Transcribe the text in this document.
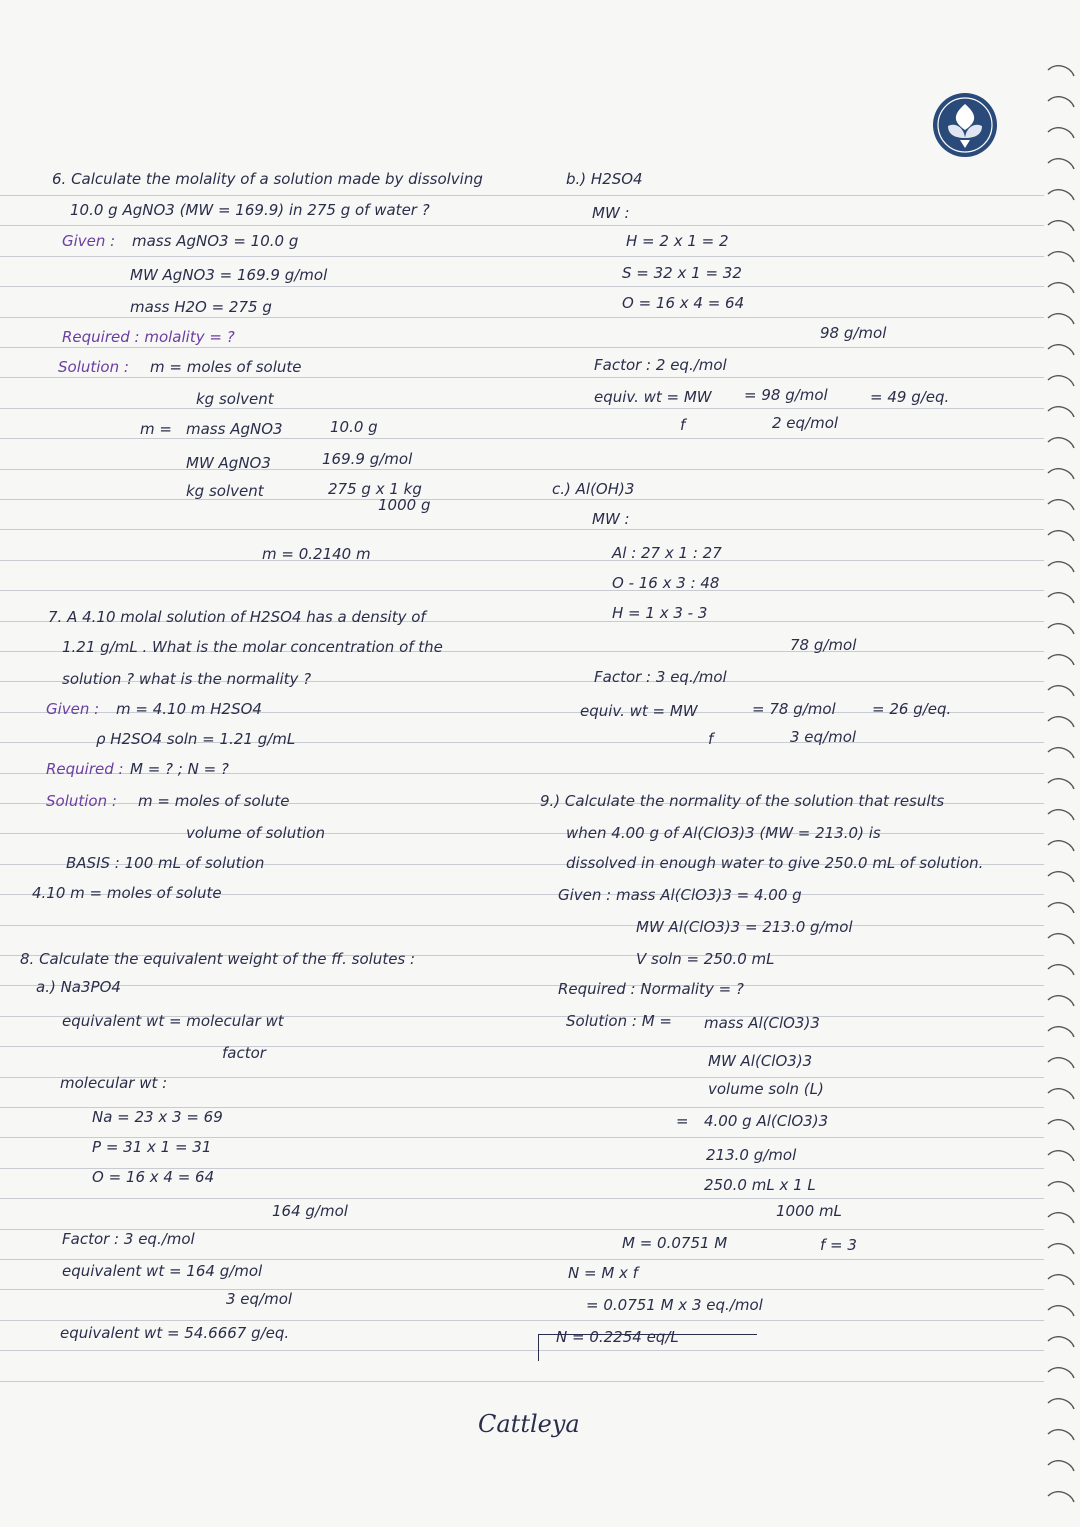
6. Calculate the molality of a solution made by dissolving
10.0 g AgNO3 (MW = 169.9) in 275 g of water ?
Given : mass AgNO3 = 10.0 g
MW AgNO3 = 169.9 g/mol
mass H2O = 275 g
Required : molality = ?
Solution : m = moles of solute
kg solvent
m = mass AgNO3	10.0 g
MW AgNO3	169.9 g/mol
kg solvent	275 g x 1 kg
1000 g
m = 0.2140 m
7. A 4.10 molal solution of H2SO4 has a density of
1.21 g/mL . What is the molar concentration of the
solution ? what is the normality ?
Given : m = 4.10 m H2SO4
ρ H2SO4 soln = 1.21 g/mL
Required : M = ? ; N = ?
Solution : m = moles of solute
volume of solution
BASIS : 100 mL of solution
4.10 m = moles of solute
8. Calculate the equivalent weight of the ff. solutes :
a.) Na3PO4
equivalent wt = molecular wt
factor
molecular wt :
Na = 23 x 3 = 69
P = 31 x 1 = 31
O = 16 x 4 = 64
164 g/mol
Factor : 3 eq./mol
equivalent wt = 164 g/mol
3 eq/mol
equivalent wt = 54.6667 g/eq.
b.) H2SO4
MW :
H = 2 x 1 = 2
S = 32 x 1 = 32
O = 16 x 4 = 64
98 g/mol
Factor : 2 eq./mol
equiv. wt = MW = 98 g/mol	= 49 g/eq.
f	2 eq/mol
c.) Al(OH)3
MW :
Al : 27 x 1 : 27
O - 16 x 3 : 48
H = 1 x 3 - 3
78 g/mol
Factor : 3 eq./mol
equiv. wt = MW	= 78 g/mol = 26 g/eq.
f	3 eq/mol
9.) Calculate the normality of the solution that results
when 4.00 g of Al(ClO3)3 (MW = 213.0) is
dissolved in enough water to give 250.0 mL of solution.
Given : mass Al(ClO3)3 = 4.00 g
MW Al(ClO3)3 = 213.0 g/mol
V soln = 250.0 mL
Required : Normality = ?
Solution : M = mass Al(ClO3)3
MW Al(ClO3)3
volume soln (L)
= 4.00 g Al(ClO3)3
213.0 g/mol
250.0 mL x 1 L
1000 mL
M = 0.0751 M	f = 3
N = M x f
= 0.0751 M x 3 eq./mol
N = 0.2254 eq/L
Cattleya
